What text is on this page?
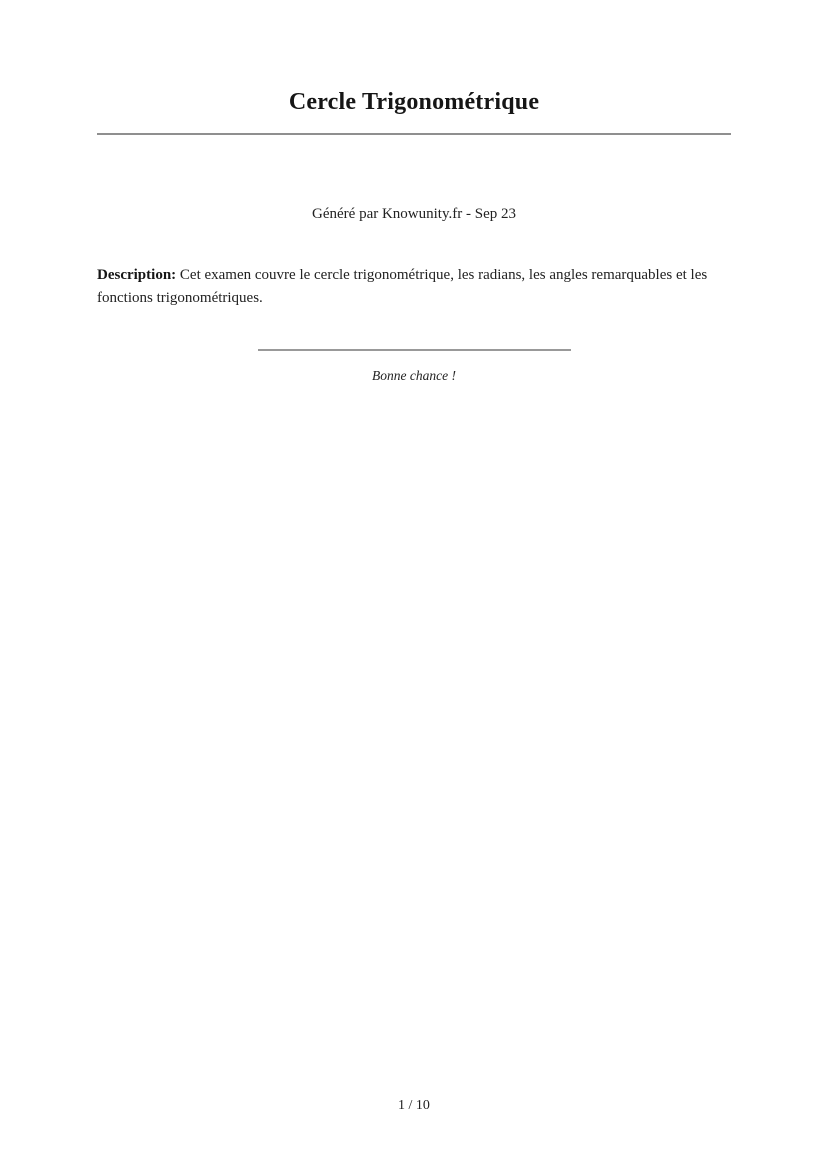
Cercle Trigonométrique

Généré par Knowunity.fr - Sep 23

Description: Cet examen couvre le cercle trigonométrique, les radians, les angles remarquables et les fonctions trigonométriques.

Bonne chance !

1 / 10
